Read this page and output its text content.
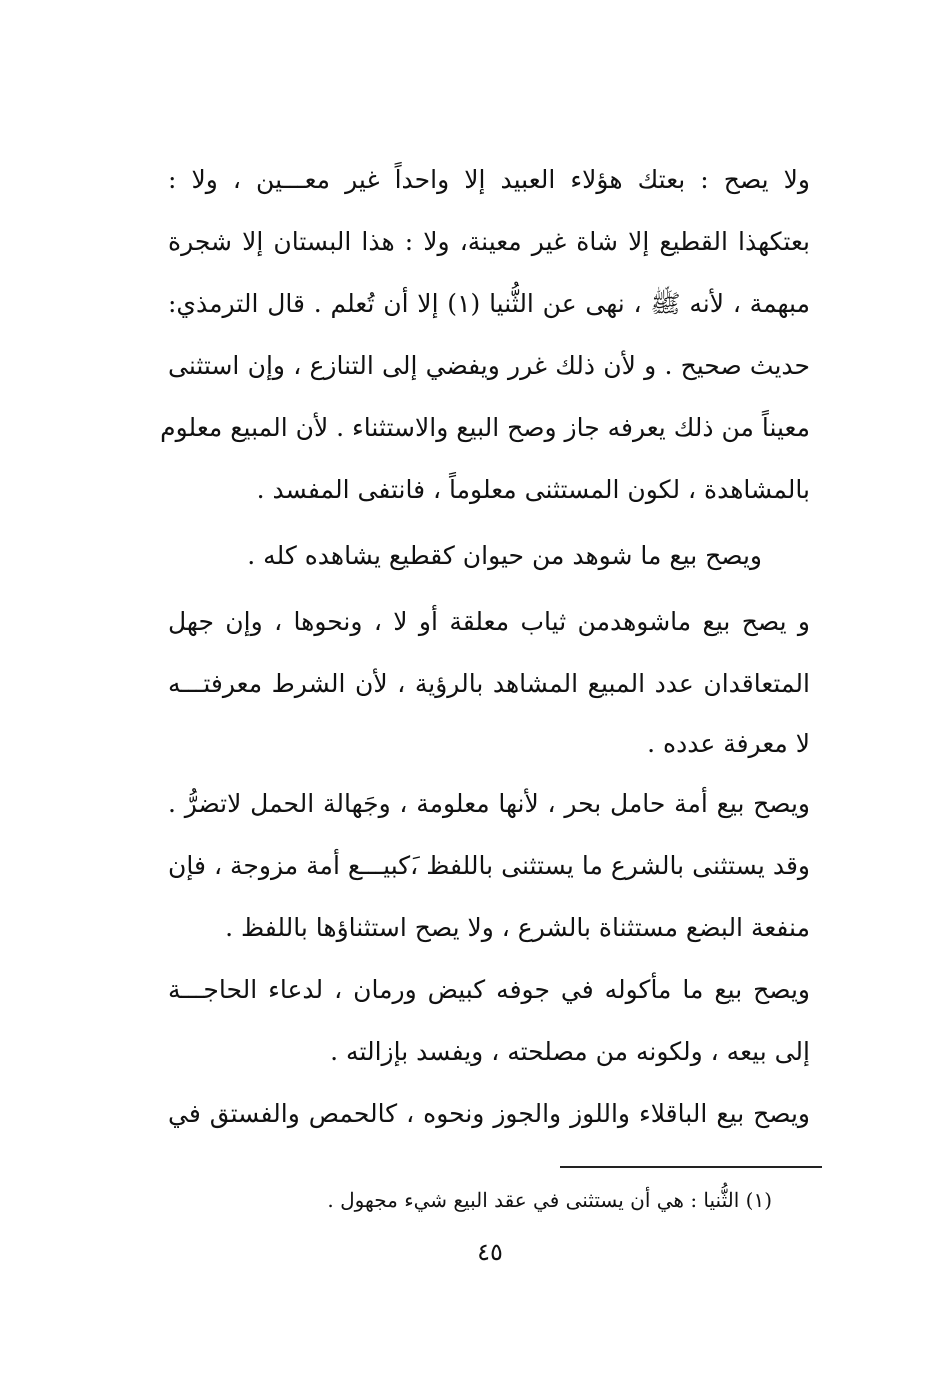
ولا يصح : بعتك هؤلاء العبيد إلا واحداً غير معـــين ، ولا :
بعتكهذا القطيع إلا شاة غير معينة، ولا : هذا البستان إلا شجرة
مبهمة ، لأنه ﷺ ، نهى عن الثُّنيا (١) إلا أن تُعلم . قال الترمذي:
حديث صحيح . و لأن ذلك غرر ويفضي إلى التنازع ، وإن استثنى
معيناً من ذلك يعرفه جاز وصح البيع والاستثناء . لأن المبيع معلوم
بالمشاهدة ، لكون المستثنى معلوماً ، فانتفى المفسد .
ويصح بيع ما شوهد من حيوان كقطيع يشاهده كله .
و يصح بيع ماشوهدمن ثياب معلقة أو لا ، ونحوها ، وإن جهل
المتعاقدان عدد المبيع المشاهد بالرؤية ، لأن الشرط معرفتـــه
لا معرفة عدده .
ويصح بيع أمة حامل بحر ، لأنها معلومة ، وجَهالة الحمل لاتضرُّ .
وقد يستثنى بالشرع ما يستثنى باللفظ ،َكبيـــع أمة مزوجة ، فإن
منفعة البضع مستثناة بالشرع ، ولا يصح استثناؤها باللفظ .
ويصح بيع ما مأكوله في جوفه كبيض ورمان ، لدعاء الحاجـــة
إلى بيعه ، ولكونه من مصلحته ، ويفسد بإزالته .
ويصح بيع الباقلاء واللوز والجوز ونحوه ، كالحمص والفستق في
(١) الثُّنيا : هي أن يستثنى في عقد البيع شيء مجهول .
٤٥
